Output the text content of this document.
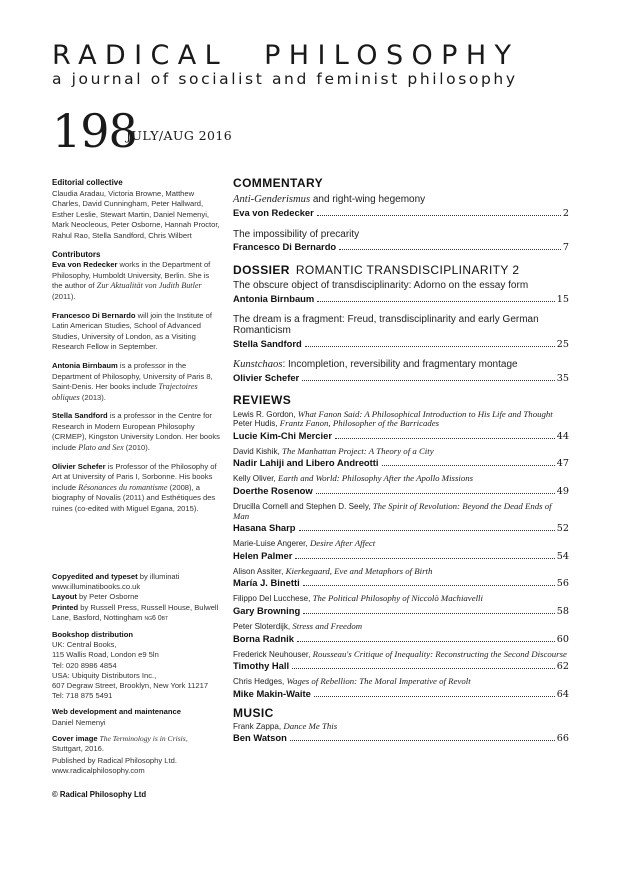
RADICAL PHILOSOPHY
a journal of socialist and feminist philosophy
198
JULY/AUG 2016

Editorial collective

Claudia Aradau, Victoria Browne, Matthew Charles, David Cunningham, Peter Hallward, Esther Leslie, Stewart Martin, Daniel Nemenyi, Mark Neocleous, Peter Osborne, Hannah Proctor, Rahul Rao, Stella Sandford, Chris Wilbert

Contributors

Eva von Redecker works in the Department of Philosophy, Humboldt University, Berlin. She is the author of Zur Aktualität von Judith Butler (2011).

Francesco Di Bernardo will join the Institute of Latin American Studies, School of Advanced Studies, University of London, as a Visiting Research Fellow in September.

Antonia Birnbaum is a professor in the Department of Philosophy, University of Paris 8, Saint-Denis. Her books include Trajectoires obliques (2013).

Stella Sandford is a professor in the Centre for Research in Modern European Philosophy (CRMEP), Kingston University London. Her books include Plato and Sex (2010).

Olivier Schefer is Professor of the Philosophy of Art at University of Paris I, Sorbonne. His books include Résonances du romantisme (2008), a biography of Novalis (2011) and Esthétiques des ruines (co-edited with Miguel Egana, 2015).

Copyedited and typeset by illuminati
www.illuminatibooks.co.uk
Layout by Peter Osborne
Printed by Russell Press, Russell House, Bulwell Lane, Basford, Nottingham ng6 0bt
Bookshop distribution
UK: Central Books,
115 Wallis Road, London e9 5ln
Tel: 020 8986 4854
USA: Ubiquity Distributors Inc.,
607 Degraw Street, Brooklyn, New York 11217
Tel: 718 875 5491
Web development and maintenance
Daniel Nemenyi
Cover image The Terminology is in Crisis,
Stuttgart, 2016.
Published by Radical Philosophy Ltd.
www.radicalphilosophy.com
© Radical Philosophy Ltd
COMMENTARY
Anti-Genderismus and right-wing hegemony
Eva von Redecker	2
The impossibility of precarity
Francesco Di Bernardo	7
DOSSIER ROMANTIC TRANSDISCIPLINARITY 2
The obscure object of transdisciplinarity: Adorno on the essay form
Antonia Birnbaum	15
The dream is a fragment: Freud, transdisciplinarity and early German Romanticism
Stella Sandford	25
Kunstchaos: Incompletion, reversibility and fragmentary montage
Olivier Schefer	35
REVIEWS
Lewis R. Gordon, What Fanon Said: A Philosophical Introduction to His Life and Thought
Peter Hudis, Frantz Fanon, Philosopher of the Barricades
Lucie Kim-Chi Mercier	44
David Kishik, The Manhattan Project: A Theory of a City
Nadir Lahiji and Libero Andreotti	47
Kelly Oliver, Earth and World: Philosophy After the Apollo Missions
Doerthe Rosenow	49
Drucilla Cornell and Stephen D. Seely, The Spirit of Revolution: Beyond the Dead Ends of Man
Hasana Sharp	52
Marie-Luise Angerer, Desire After Affect
Helen Palmer	54
Alison Assiter, Kierkegaard, Eve and Metaphors of Birth
María J. Binetti	56
Filippo Del Lucchese, The Political Philosophy of Niccolò Machiavelli
Gary Browning	58
Peter Sloterdijk, Stress and Freedom
Borna Radnik	60
Frederick Neuhouser, Rousseau's Critique of Inequality: Reconstructing the Second Discourse
Timothy Hall	62
Chris Hedges, Wages of Rebellion: The Moral Imperative of Revolt
Mike Makin-Waite	64
MUSIC
Frank Zappa, Dance Me This
Ben Watson	66
